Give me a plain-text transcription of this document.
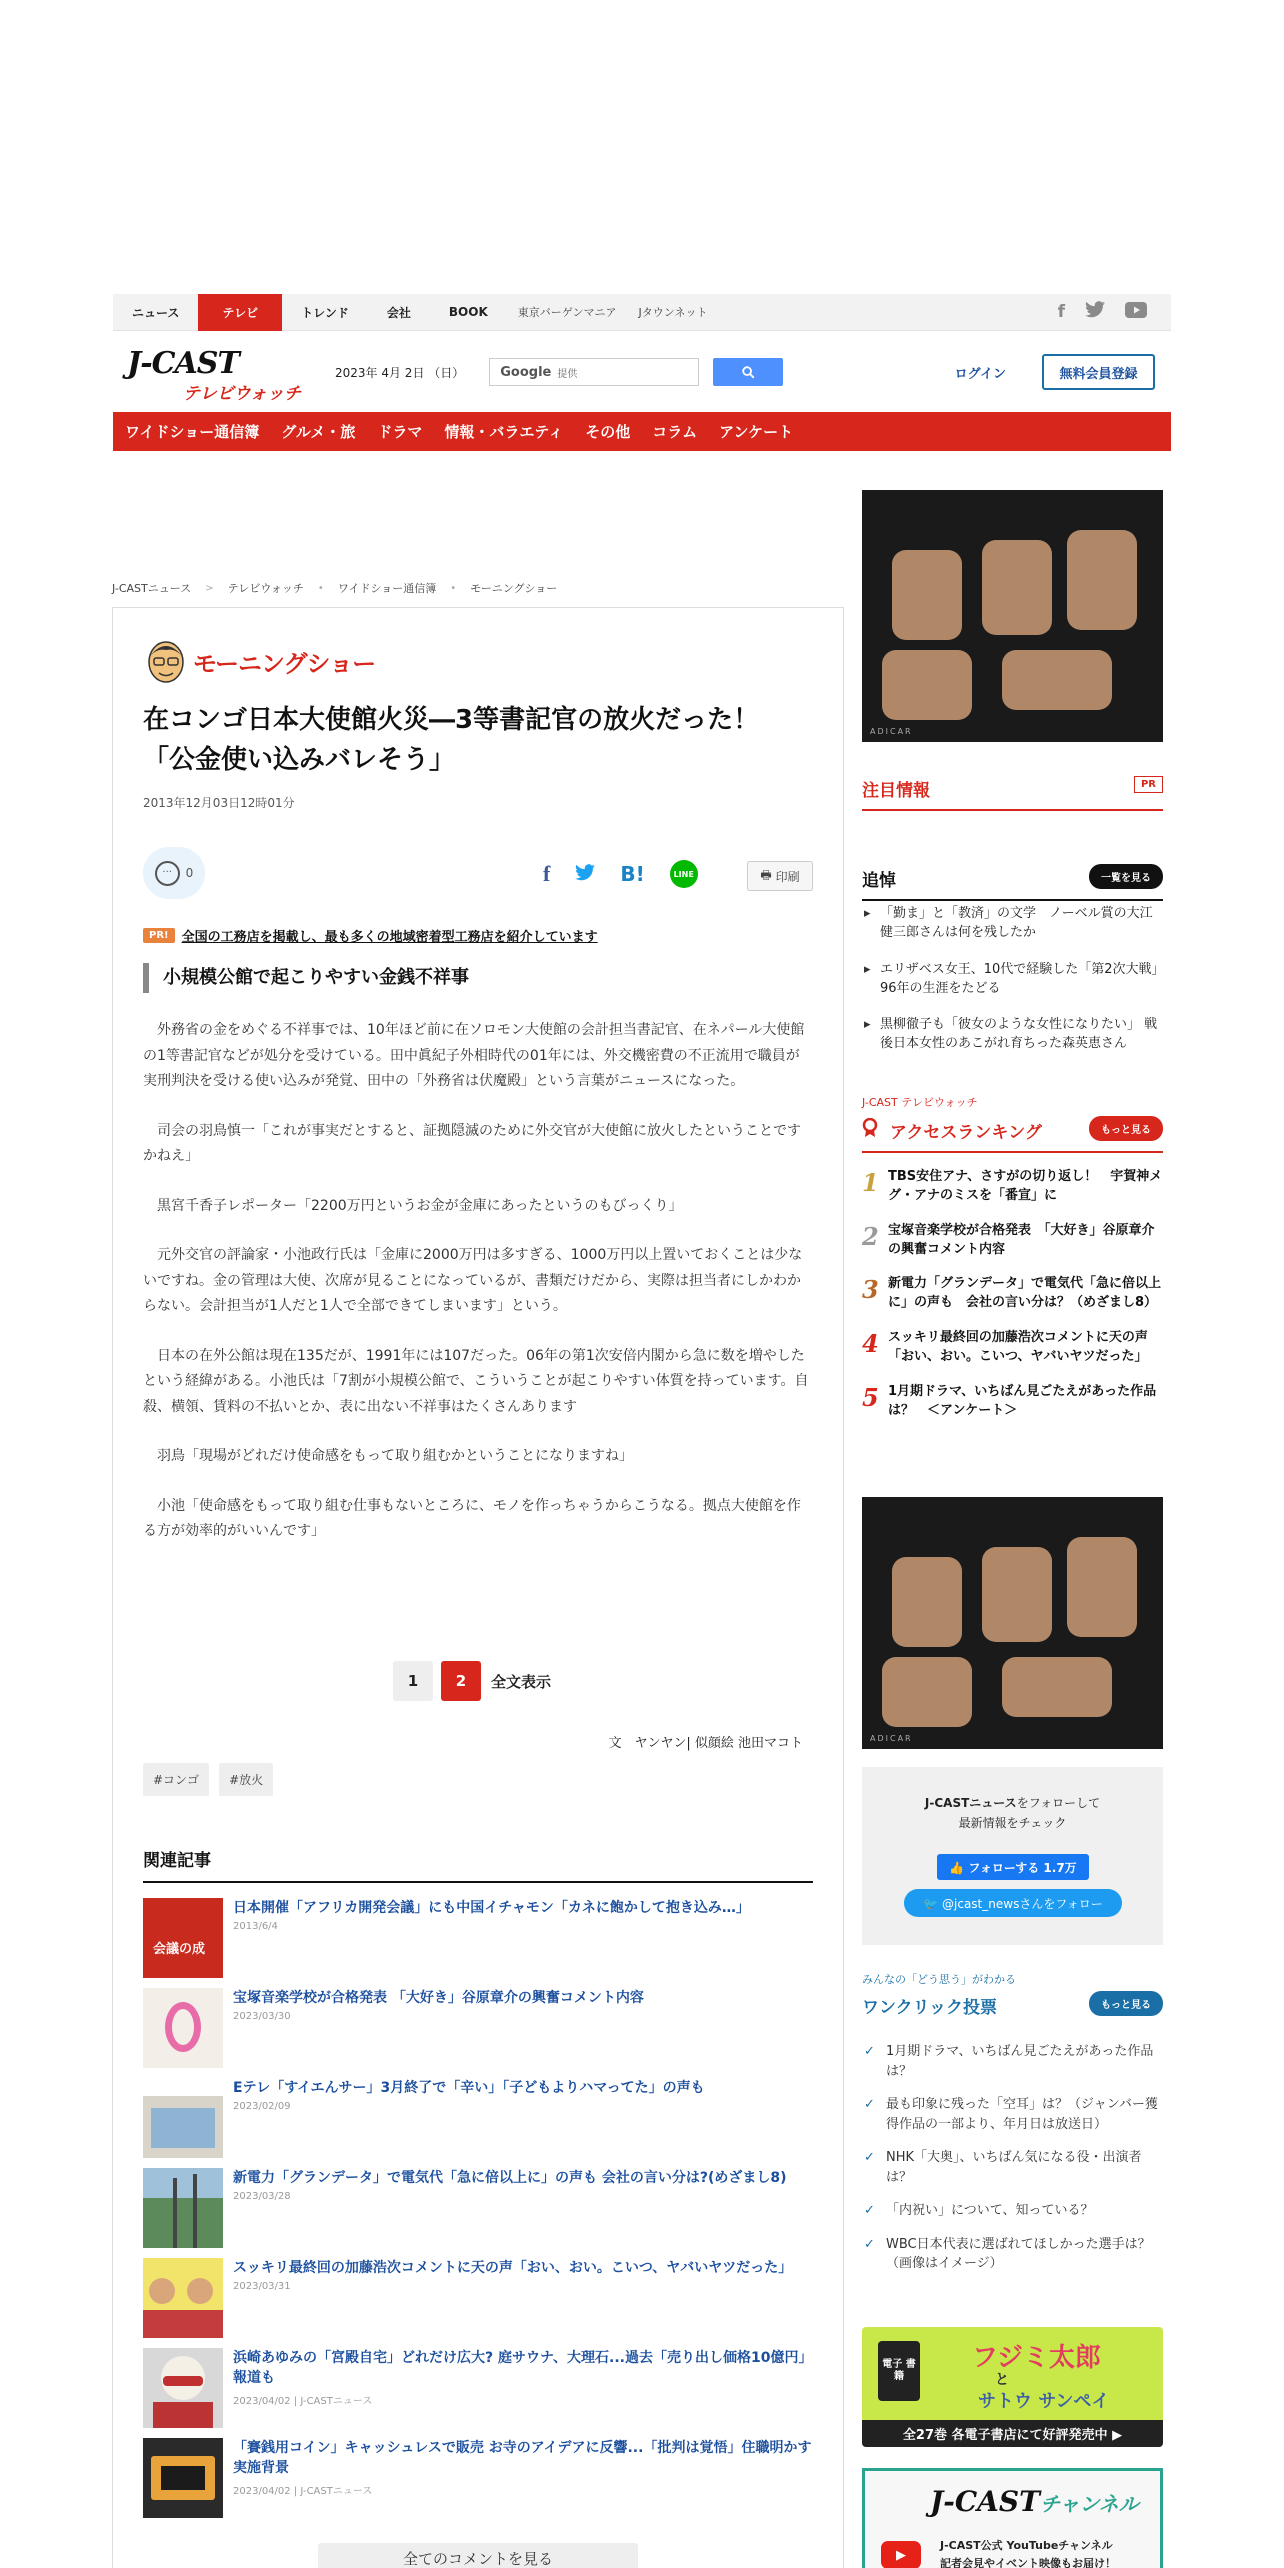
ニュース	テレビ	トレンド	会社	BOOK	東京バーゲンマニア	Jタウンネット	f
J-CAST
テレビウォッチ
2023年 4月 2日 （日）	Google 提供	ログイン	無料会員登録
ワイドショー通信簿 グルメ・旅 ドラマ 情報・バラエティ その他 コラム アンケート
J-CASTニュース > テレビウォッチ • ワイドショー通信簿 • モーニングショー
モーニングショー
在コンゴ日本大使館火災―3等書記官の放火だった！「公金使い込みバレそう」
2013年12月03日12時01分
···	0	f	B!	LINE	🖶 印刷
PR!	全国の工務店を掲載し、最も多くの地域密着型工務店を紹介しています
小規模公館で起こりやすい金銭不祥事

外務省の金をめぐる不祥事では、10年ほど前に在ソロモン大使館の会計担当書記官、在ネパール大使館の1等書記官などが処分を受けている。田中眞紀子外相時代の01年には、外交機密費の不正流用で職員が実刑判決を受ける使い込みが発覚、田中の「外務省は伏魔殿」という言葉がニュースになった。

司会の羽鳥慎一「これが事実だとすると、証拠隠滅のために外交官が大使館に放火したということですかねえ」

黒宮千香子レポーター「2200万円というお金が金庫にあったというのもびっくり」

元外交官の評論家・小池政行氏は「金庫に2000万円は多すぎる、1000万円以上置いておくことは少ないですね。金の管理は大使、次席が見ることになっているが、書類だけだから、実際は担当者にしかわからない。会計担当が1人だと1人で全部できてしまいます」という。

日本の在外公館は現在135だが、1991年には107だった。06年の第1次安倍内閣から急に数を増やしたという経緯がある。小池氏は「7割が小規模公館で、こういうことが起こりやすい体質を持っています。自殺、横領、賃料の不払いとか、表に出ない不祥事はたくさんあります

羽鳥「現場がどれだけ使命感をもって取り組むかということになりますね」

小池「使命感をもって取り組む仕事もないところに、モノを作っちゃうからこうなる。拠点大使館を作る方が効率的がいいんです」

1	2	全文表示
文　ヤンヤン| 似顔絵 池田マコト
#コンゴ	#放火
関連記事
会議の成
日本開催「アフリカ開発会議」にも中国イチャモン「カネに飽かして抱き込み…」
2013/6/4
宝塚音楽学校が合格発表 「大好き」谷原章介の興奮コメント内容
2023/03/30
Eテレ「すイエんサー」3月終了で「辛い」「子どもよりハマってた」の声も
2023/02/09
新電力「グランデータ」で電気代「急に倍以上に」の声も 会社の言い分は?(めざまし8)
2023/03/28
スッキリ最終回の加藤浩次コメントに天の声「おい、おい。こいつ、ヤバいヤツだった」
2023/03/31
浜崎あゆみの「宮殿自宅」どれだけ広大? 庭サウナ、大理石...過去「売り出し価格10億円」報道も
2023/04/02 | J-CASTニュース
「賽銭用コイン」キャッシュレスで販売 お寺のアイデアに反響...「批判は覚悟」住職明かす実施背景
2023/04/02 | J-CASTニュース
全てのコメントを見る
ADICAR
注目情報	PR
追悼	一覧を見る
▸ 「勤ま」と「教済」の文学　ノーベル賞の大江健三郎さんは何を残したか
▸ エリザベス女王、10代で経験した「第2次大戦」　96年の生涯をたどる
▸ 黒柳徹子も「彼女のような女性になりたい」 戦後日本女性のあこがれ育ちった森英恵さん
J-CAST テレビウォッチ
アクセスランキング	もっと見る
1 TBS安住アナ、さすがの切り返し！　宇賀神メグ・アナのミスを「番宣」に
2 宝塚音楽学校が合格発表　「大好き」谷原章介の興奮コメント内容
3 新電力「グランデータ」で電気代「急に倍以上に」の声も　会社の言い分は？（めざまし8）
4 スッキリ最終回の加藤浩次コメントに天の声「おい、おい。こいつ、ヤバいヤツだった」
5 1月期ドラマ、いちばん見ごたえがあった作品は？　＜アンケート＞
ADICAR
J-CASTニュースをフォローして
最新情報をチェック
👍 フォローする 1.7万
🐦 @jcast_newsさんをフォロー
みんなの「どう思う」がわかる
ワンクリック投票	もっと見る
✓ 1月期ドラマ、いちばん見ごたえがあった作品は？
✓ 最も印象に残った「空耳」は？（ジャンバー獲得作品の一部より、年月日は放送日）
✓ NHK「大奥」、いちばん気になる役・出演者は？
✓ 「内祝い」について、知っている？
✓ WBC日本代表に選ばれてほしかった選手は？（画像はイメージ）
電子 書籍
フジミ太郎
と
サトウ サンペイ
全27巻 各電子書店にて好評発売中 ▶
J-CASTチャンネル
▶
J-CAST公式 YouTubeチャンネル
記者会見やイベント映像もお届け！
